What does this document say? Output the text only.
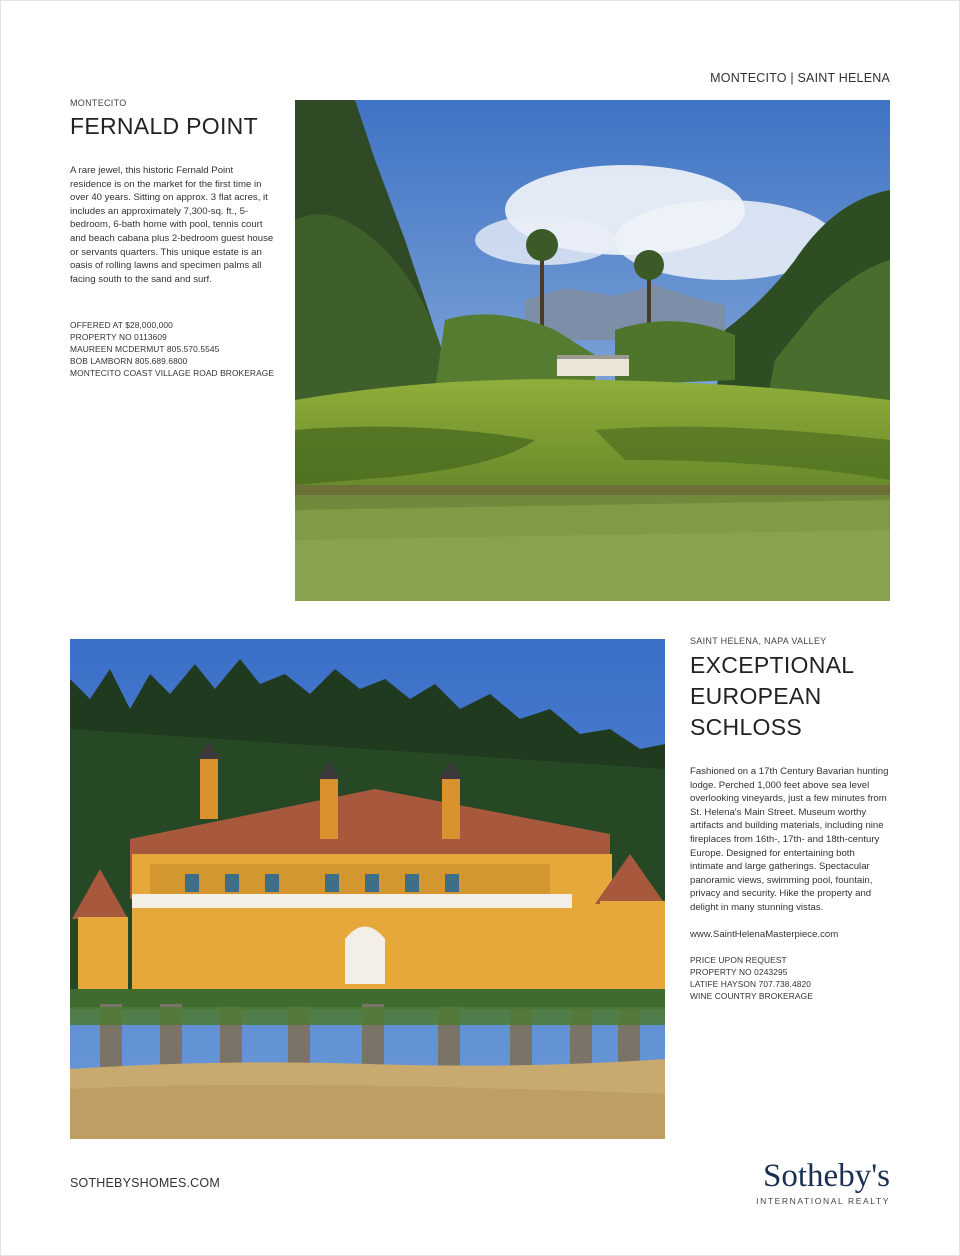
MONTECITO | SAINT HELENA
MONTECITO
FERNALD POINT
A rare jewel, this historic Fernald Point residence is on the market for the first time in over 40 years. Sitting on approx. 3 flat acres, it includes an approximately 7,300-sq. ft., 5-bedroom, 6-bath home with pool, tennis court and beach cabana plus 2-bedroom guest house or servants quarters. This unique estate is an oasis of rolling lawns and specimen palms all facing south to the sand and surf.
OFFERED AT $28,000,000
PROPERTY NO 0113609
MAUREEN MCDERMUT 805.570.5545
BOB LAMBORN 805.689.6800
MONTECITO COAST VILLAGE ROAD BROKERAGE
SAINT HELENA, NAPA VALLEY
EXCEPTIONAL
EUROPEAN
SCHLOSS
Fashioned on a 17th Century Bavarian hunting lodge. Perched 1,000 feet above sea level overlooking vineyards, just a few minutes from St. Helena's Main Street. Museum worthy artifacts and building materials, including nine fireplaces from 16th-, 17th- and 18th-century Europe. Designed for entertaining both intimate and large gatherings. Spectacular panoramic views, swimming pool, fountain, privacy and security. Hike the property and delight in many stunning vistas.
www.SaintHelenaMasterpiece.com
PRICE UPON REQUEST
PROPERTY NO 0243295
LATIFE HAYSON 707.738.4820
WINE COUNTRY BROKERAGE
SOTHEBYSHOMES.COM	Sotheby's
INTERNATIONAL REALTY
